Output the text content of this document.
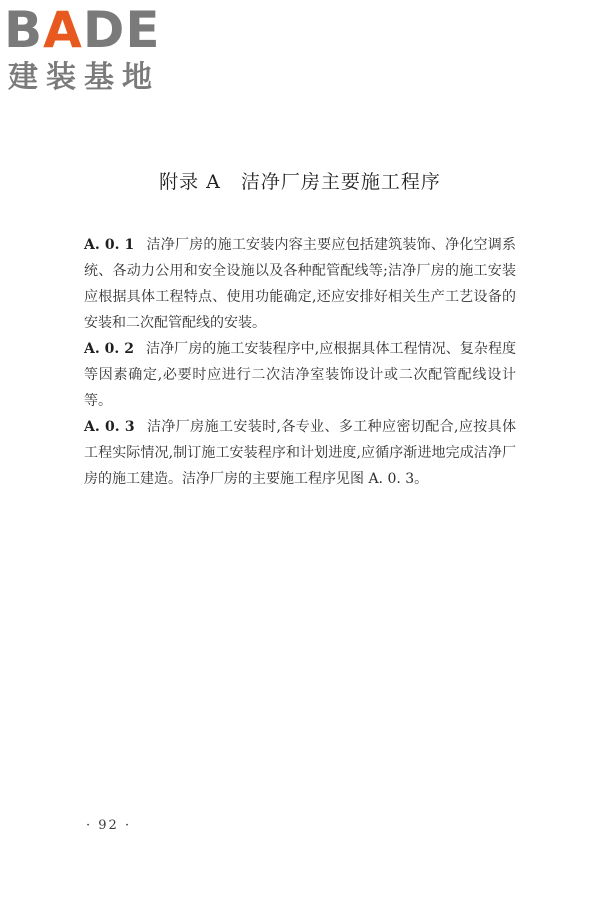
BADE
建装基地
附录 A　洁净厂房主要施工程序

A. 0. 1 洁净厂房的施工安装内容主要应包括建筑装饰、净化空调系统、各动力公用和安全设施以及各种配管配线等;洁净厂房的施工安装应根据具体工程特点、使用功能确定,还应安排好相关生产工艺设备的安装和二次配管配线的安装。

A. 0. 2 洁净厂房的施工安装程序中,应根据具体工程情况、复杂程度等因素确定,必要时应进行二次洁净室装饰设计或二次配管配线设计等。

A. 0. 3 洁净厂房施工安装时,各专业、多工种应密切配合,应按具体工程实际情况,制订施工安装程序和计划进度,应循序渐进地完成洁净厂房的施工建造。洁净厂房的主要施工程序见图 A. 0. 3。

· 92 ·
